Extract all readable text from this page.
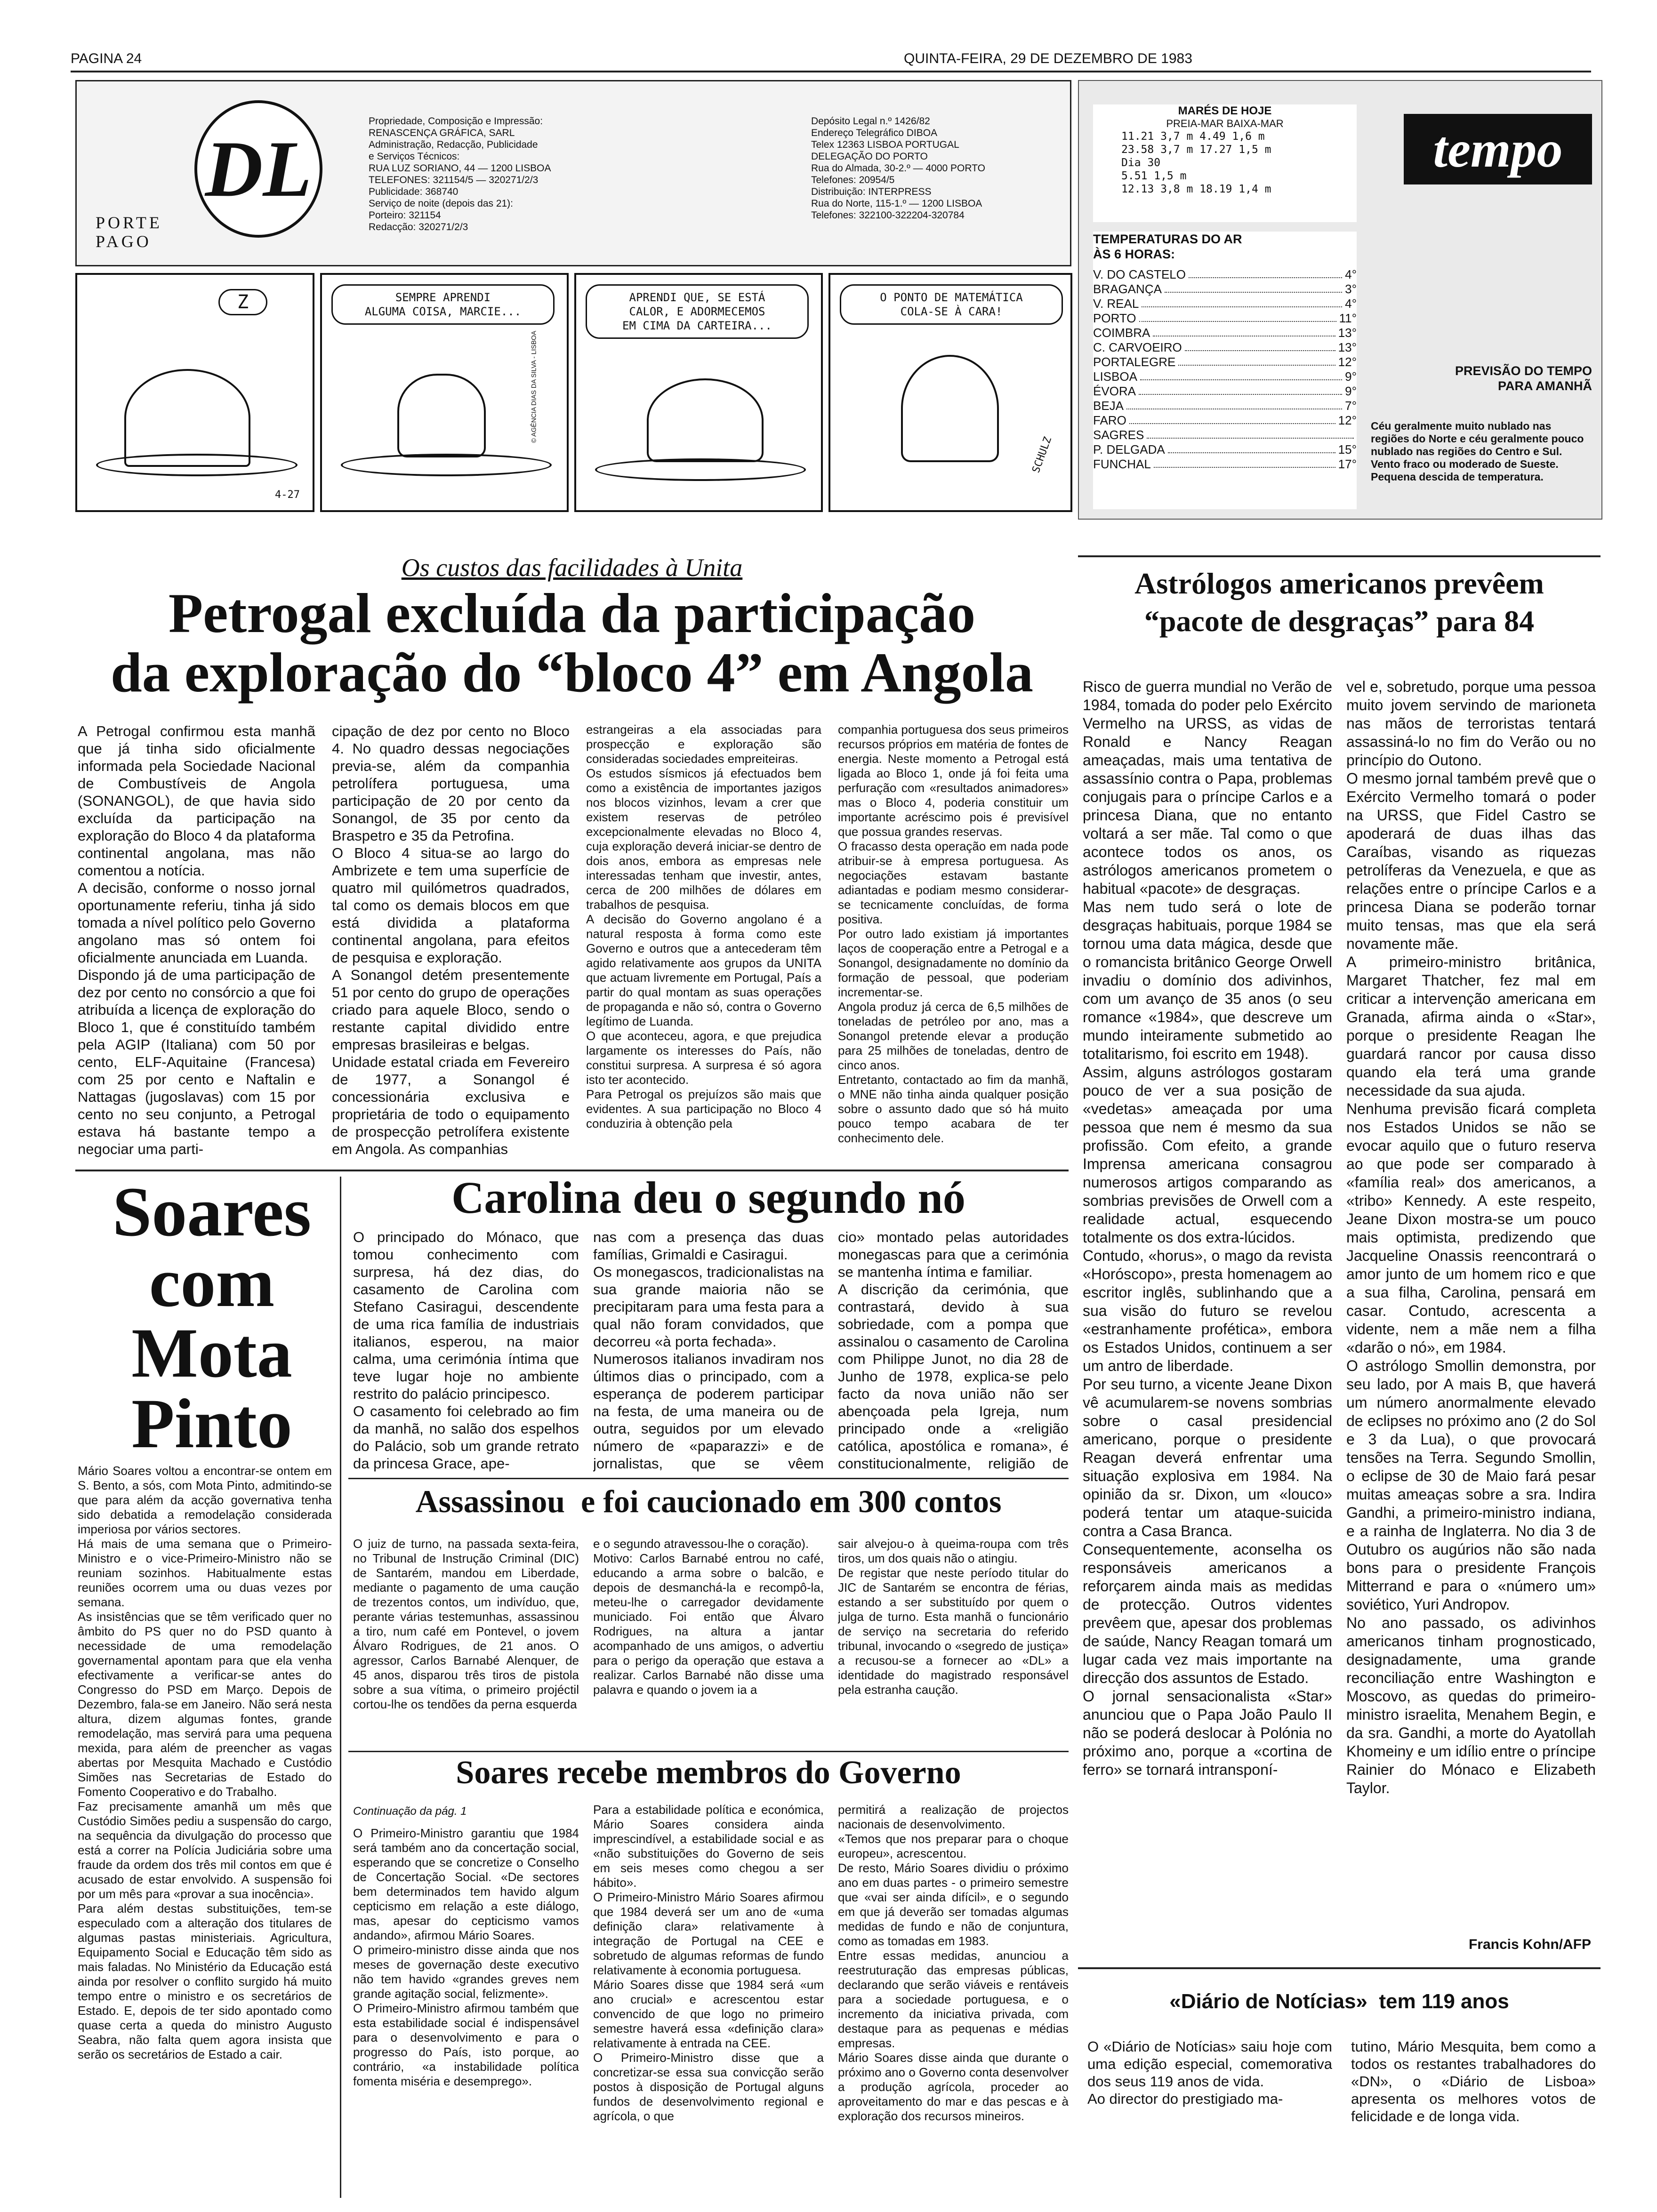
PAGINA 24	QUINTA-FEIRA, 29 DE DEZEMBRO DE 1983
PORTE
PAGO
DL
Propriedade, Composição e Impressão:
RENASCENÇA GRÁFICA, SARL
Administração, Redacção, Publicidade
e Serviços Técnicos:
RUA LUZ SORIANO, 44 — 1200 LISBOA
TELEFONES: 321154/5 — 320271/2/3
Publicidade: 368740
Serviço de noite (depois das 21):
Porteiro: 321154
Redacção: 320271/2/3
Depósito Legal n.º 1426/82
Endereço Telegráfico DIBOA
Telex 12363 LISBOA PORTUGAL
DELEGAÇÃO DO PORTO
Rua do Almada, 30-2.º — 4000 PORTO
Telefones: 20954/5
Distribuição: INTERPRESS
Rua do Norte, 115-1.º — 1200 LISBOA
Telefones: 322100-322204-320784
Z
4-27
SEMPRE APRENDI
ALGUMA COISA, MARCIE...
© AGÊNCIA DIAS DA SILVA - LISBOA
APRENDI QUE, SE ESTÁ
CALOR, E ADORMECEMOS
EM CIMA DA CARTEIRA...
O PONTO DE MATEMÁTICA
COLA-SE À CARA!
SCHULZ
MARÉS DE HOJE
PREIA-MAR BAIXA-MAR
11.21 3,7 m 4.49 1,6 m
23.58 3,7 m 17.27 1,5 m
Dia 30
5.51 1,5 m
12.13 3,8 m 18.19 1,4 m
tempo
TEMPERATURAS DO AR
ÀS 6 HORAS:
V. DO CASTELO	4°
BRAGANÇA	3°
V. REAL	4°
PORTO	11°
COIMBRA	13°
C. CARVOEIRO	13°
PORTALEGRE	12°
LISBOA	9°
ÉVORA	9°
BEJA	7°
FARO	12°
SAGRES
P. DELGADA	15°
FUNCHAL	17°
PREVISÃO DO TEMPO
PARA AMANHÃ
Céu geralmente muito nublado nas regiões do Norte e céu geralmente pouco nublado nas regiões do Centro e Sul. Vento fraco ou moderado de Sueste. Pequena descida de temperatura.
Os custos das facilidades à Unita
Petrogal excluída da participação
da exploração do “bloco 4” em Angola
A Petrogal confirmou esta manhã que já tinha sido oficialmente informada pela Sociedade Nacional de Combustíveis de Angola (SONANGOL), de que havia sido excluída da participação na exploração do Bloco 4 da plataforma continental angolana, mas não comentou a notícia.
A decisão, conforme o nosso jornal oportunamente referiu, tinha já sido tomada a nível político pelo Governo angolano mas só ontem foi oficialmente anunciada em Luanda.
Dispondo já de uma participação de dez por cento no consórcio a que foi atribuída a licença de exploração do Bloco 1, que é constituído também pela AGIP (Italiana) com 50 por cento, ELF-Aquitaine (Francesa) com 25 por cento e Naftalin e Nattagas (jugoslavas) com 15 por cento no seu conjunto, a Petrogal estava há bastante tempo a negociar uma parti-
cipação de dez por cento no Bloco 4. No quadro dessas negociações previa-se, além da companhia petrolífera portuguesa, uma participação de 20 por cento da Sonangol, de 35 por cento da Braspetro e 35 da Petrofina.
O Bloco 4 situa-se ao largo do Ambrizete e tem uma superfície de quatro mil quilómetros quadrados, tal como os demais blocos em que está dividida a plataforma continental angolana, para efeitos de pesquisa e exploração.
A Sonangol detém presentemente 51 por cento do grupo de operações criado para aquele Bloco, sendo o restante capital dividido entre empresas brasileiras e belgas.
Unidade estatal criada em Fevereiro de 1977, a Sonangol é concessionária exclusiva e proprietária de todo o equipamento de prospecção petrolífera existente em Angola. As companhias
estrangeiras a ela associadas para prospecção e exploração são consideradas sociedades empreiteiras.
Os estudos sísmicos já efectuados bem como a existência de importantes jazigos nos blocos vizinhos, levam a crer que existem reservas de petróleo excepcionalmente elevadas no Bloco 4, cuja exploração deverá iniciar-se dentro de dois anos, embora as empresas nele interessadas tenham que investir, antes, cerca de 200 milhões de dólares em trabalhos de pesquisa.
A decisão do Governo angolano é a natural resposta à forma como este Governo e outros que a antecederam têm agido relativamente aos grupos da UNITA que actuam livremente em Portugal, País a partir do qual montam as suas operações de propaganda e não só, contra o Governo legítimo de Luanda.
O que aconteceu, agora, e que prejudica largamente os interesses do País, não constitui surpresa. A surpresa é só agora isto ter acontecido.
Para Petrogal os prejuízos são mais que evidentes. A sua participação no Bloco 4 conduziria à obtenção pela
companhia portuguesa dos seus primeiros recursos próprios em matéria de fontes de energia. Neste momento a Petrogal está ligada ao Bloco 1, onde já foi feita uma perfuração com «resultados animadores» mas o Bloco 4, poderia constituir um importante acréscimo pois é previsível que possua grandes reservas.
O fracasso desta operação em nada pode atribuir-se à empresa portuguesa. As negociações estavam bastante adiantadas e podiam mesmo considerar-se tecnicamente concluídas, de forma positiva.
Por outro lado existiam já importantes laços de cooperação entre a Petrogal e a Sonangol, designadamente no domínio da formação de pessoal, que poderiam incrementar-se.
Angola produz já cerca de 6,5 milhões de toneladas de petróleo por ano, mas a Sonangol pretende elevar a produção para 25 milhões de toneladas, dentro de cinco anos.
Entretanto, contactado ao fim da manhã, o MNE não tinha ainda qualquer posição sobre o assunto dado que só há muito pouco tempo acabara de ter conhecimento dele.
Astrólogos americanos prevêem
“pacote de desgraças” para 84
Risco de guerra mundial no Verão de 1984, tomada do poder pelo Exército Vermelho na URSS, as vidas de Ronald e Nancy Reagan ameaçadas, mais uma tentativa de assassínio contra o Papa, problemas conjugais para o príncipe Carlos e a princesa Diana, que no entanto voltará a ser mãe. Tal como o que acontece todos os anos, os astrólogos americanos prometem o habitual «pacote» de desgraças.
Mas nem tudo será o lote de desgraças habituais, porque 1984 se tornou uma data mágica, desde que o romancista britânico George Orwell invadiu o domínio dos adivinhos, com um avanço de 35 anos (o seu romance «1984», que descreve um mundo inteiramente submetido ao totalitarismo, foi escrito em 1948).
Assim, alguns astrólogos gostaram pouco de ver a sua posição de «vedetas» ameaçada por uma pessoa que nem é mesmo da sua profissão. Com efeito, a grande Imprensa americana consagrou numerosos artigos comparando as sombrias previsões de Orwell com a realidade actual, esquecendo totalmente os dos extra-lúcidos.
Contudo, «horus», o mago da revista «Horóscopo», presta homenagem ao escritor inglês, sublinhando que a sua visão do futuro se revelou «estranhamente profética», embora os Estados Unidos, continuem a ser um antro de liberdade.
Por seu turno, a vicente Jeane Dixon vê acumularem-se novens sombrias sobre o casal presidencial americano, porque o presidente Reagan deverá enfrentar uma situação explosiva em 1984. Na opinião da sr. Dixon, um «louco» poderá tentar um ataque-suicida contra a Casa Branca.
Consequentemente, aconselha os responsáveis americanos a reforçarem ainda mais as medidas de protecção. Outros videntes prevêem que, apesar dos problemas de saúde, Nancy Reagan tomará um lugar cada vez mais importante na direcção dos assuntos de Estado.
O jornal sensacionalista «Star» anunciou que o Papa João Paulo II não se poderá deslocar à Polónia no próximo ano, porque a «cortina de ferro» se tornará intransponí-
vel e, sobretudo, porque uma pessoa muito jovem servindo de marioneta nas mãos de terroristas tentará assassiná-lo no fim do Verão ou no princípio do Outono.
O mesmo jornal também prevê que o Exército Vermelho tomará o poder na URSS, que Fidel Castro se apoderará de duas ilhas das Caraíbas, visando as riquezas petrolíferas da Venezuela, e que as relações entre o príncipe Carlos e a princesa Diana se poderão tornar muito tensas, mas que ela será novamente mãe.
A primeiro-ministro britânica, Margaret Thatcher, fez mal em criticar a intervenção americana em Granada, afirma ainda o «Star», porque o presidente Reagan lhe guardará rancor por causa disso quando ela terá uma grande necessidade da sua ajuda.
Nenhuma previsão ficará completa nos Estados Unidos se não se evocar aquilo que o futuro reserva ao que pode ser comparado à «família real» dos americanos, a «tribo» Kennedy. A este respeito, Jeane Dixon mostra-se um pouco mais optimista, predizendo que Jacqueline Onassis reencontrará o amor junto de um homem rico e que a sua filha, Carolina, pensará em casar. Contudo, acrescenta a vidente, nem a mãe nem a filha «darão o nó», em 1984.
O astrólogo Smollin demonstra, por seu lado, por A mais B, que haverá um número anormalmente elevado de eclipses no próximo ano (2 do Sol e 3 da Lua), o que provocará tensões na Terra. Segundo Smollin, o eclipse de 30 de Maio fará pesar muitas ameaças sobre a sra. Indira Gandhi, a primeiro-ministro indiana, e a rainha de Inglaterra. No dia 3 de Outubro os augúrios não são nada bons para o presidente François Mitterrand e para o «número um» soviético, Yuri Andropov.
No ano passado, os adivinhos americanos tinham prognosticado, designadamente, uma grande reconciliação entre Washington e Moscovo, as quedas do primeiro-ministro israelita, Menahem Begin, e da sra. Gandhi, a morte do Ayatollah Khomeiny e um idílio entre o príncipe Rainier do Mónaco e Elizabeth Taylor.
Francis Kohn/AFP
Soares
com
Mota
Pinto
Mário Soares voltou a encontrar-se ontem em S. Bento, a sós, com Mota Pinto, admitindo-se que para além da acção governativa tenha sido debatida a remodelação considerada imperiosa por vários sectores.
Há mais de uma semana que o Primeiro-Ministro e o vice-Primeiro-Ministro não se reuniam sozinhos. Habitualmente estas reuniões ocorrem uma ou duas vezes por semana.
As insistências que se têm verificado quer no âmbito do PS quer no do PSD quanto à necessidade de uma remodelação governamental apontam para que ela venha efectivamente a verificar-se antes do Congresso do PSD em Março. Depois de Dezembro, fala-se em Janeiro. Não será nesta altura, dizem algumas fontes, grande remodelação, mas servirá para uma pequena mexida, para além de preencher as vagas abertas por Mesquita Machado e Custódio Simões nas Secretarias de Estado do Fomento Cooperativo e do Trabalho.
Faz precisamente amanhã um mês que Custódio Simões pediu a suspensão do cargo, na sequência da divulgação do processo que está a correr na Polícia Judiciária sobre uma fraude da ordem dos três mil contos em que é acusado de estar envolvido. A suspensão foi por um mês para «provar a sua inocência».
Para além destas substituições, tem-se especulado com a alteração dos titulares de algumas pastas ministeriais. Agricultura, Equipamento Social e Educação têm sido as mais faladas. No Ministério da Educação está ainda por resolver o conflito surgido há muito tempo entre o ministro e os secretários de Estado. E, depois de ter sido apontado como quase certa a queda do ministro Augusto Seabra, não falta quem agora insista que serão os secretários de Estado a cair.
Carolina deu o segundo nó
O principado do Mónaco, que tomou conhecimento com surpresa, há dez dias, do casamento de Carolina com Stefano Casiragui, descendente de uma rica família de industriais italianos, esperou, na maior calma, uma cerimónia íntima que teve lugar hoje no ambiente restrito do palácio principesco.
O casamento foi celebrado ao fim da manhã, no salão dos espelhos do Palácio, sob um grande retrato da princesa Grace, ape-
nas com a presença das duas famílias, Grimaldi e Casiragui.
Os monegascos, tradicionalistas na sua grande maioria não se precipitaram para uma festa para a qual não foram convidados, que decorreu «à porta fechada».
Numerosos italianos invadiram nos últimos dias o principado, com a esperança de poderem participar na festa, de uma maneira ou de outra, seguidos por um elevado número de «paparazzi» e de jornalistas, que se vêem
cio» montado pelas autoridades monegascas para que a cerimónia se mantenha íntima e familiar.
A discrição da cerimónia, que contrastará, devido à sua sobriedade, com a pompa que assinalou o casamento de Carolina com Philippe Junot, no dia 28 de Junho de 1978, explica-se pelo facto da nova união não ser abençoada pela Igreja, num principado onde a «religião católica, apostólica e romana», é constitucionalmente, religião de
Assassinou  e foi caucionado em 300 contos
O juiz de turno, na passada sexta-feira, no Tribunal de Instrução Criminal (DIC) de Santarém, mandou em Liberdade, mediante o pagamento de uma caução de trezentos contos, um indivíduo, que, perante várias testemunhas, assassinou a tiro, num café em Pontevel, o jovem Álvaro Rodrigues, de 21 anos. O agressor, Carlos Barnabé Alenquer, de 45 anos, disparou três tiros de pistola sobre a sua vítima, o primeiro projéctil cortou-lhe os tendões da perna esquerda
e o segundo atravessou-lhe o coração).
Motivo: Carlos Barnabé entrou no café, educando a arma sobre o balcão, e depois de desmanchá-la e recompô-la, meteu-lhe o carregador devidamente municiado. Foi então que Álvaro Rodrigues, na altura a jantar acompanhado de uns amigos, o advertiu para o perigo da operação que estava a realizar. Carlos Barnabé não disse uma palavra e quando o jovem ia a
sair alvejou-o à queima-roupa com três tiros, um dos quais não o atingiu.
De registar que neste período titular do JIC de Santarém se encontra de férias, estando a ser substituído por quem o julga de turno. Esta manhã o funcionário de serviço na secretaria do referido tribunal, invocando o «segredo de justiça» a recusou-se a fornecer ao «DL» a identidade do magistrado responsável pela estranha caução.
Soares recebe membros do Governo
Continuação da pág. 1
O Primeiro-Ministro garantiu que 1984 será também ano da concertação social, esperando que se concretize o Conselho de Concertação Social. «De sectores bem determinados tem havido algum cepticismo em relação a este diálogo, mas, apesar do cepticismo vamos andando», afirmou Mário Soares.
O primeiro-ministro disse ainda que nos meses de governação deste executivo não tem havido «grandes greves nem grande agitação social, felizmente».
O Primeiro-Ministro afirmou também que esta estabilidade social é indispensável para o desenvolvimento e para o progresso do País, isto porque, ao contrário, «a instabilidade política fomenta miséria e desemprego».
Para a estabilidade política e económica, Mário Soares considera ainda imprescindível, a estabilidade social e as «não substituições do Governo de seis em seis meses como chegou a ser hábito».
O Primeiro-Ministro Mário Soares afirmou que 1984 deverá ser um ano de «uma definição clara» relativamente à integração de Portugal na CEE e sobretudo de algumas reformas de fundo relativamente à economia portuguesa.
Mário Soares disse que 1984 será «um ano crucial» e acrescentou estar convencido de que logo no primeiro semestre haverá essa «definição clara» relativamente à entrada na CEE.
O Primeiro-Ministro disse que a concretizar-se essa sua convicção serão postos à disposição de Portugal alguns fundos de desenvolvimento regional e agrícola, o que
permitirá a realização de projectos nacionais de desenvolvimento.
«Temos que nos preparar para o choque europeu», acrescentou.
De resto, Mário Soares dividiu o próximo ano em duas partes - o primeiro semestre que «vai ser ainda difícil», e o segundo em que já deverão ser tomadas algumas medidas de fundo e não de conjuntura, como as tomadas em 1983.
Entre essas medidas, anunciou a reestruturação das empresas públicas, declarando que serão viáveis e rentáveis para a sociedade portuguesa, e o incremento da iniciativa privada, com destaque para as pequenas e médias empresas.
Mário Soares disse ainda que durante o próximo ano o Governo conta desenvolver a produção agrícola, proceder ao aproveitamento do mar e das pescas e à exploração dos recursos mineiros.
«Diário de Notícias»  tem 119 anos
O «Diário de Notícias» saiu hoje com uma edição especial, comemorativa dos seus 119 anos de vida.
Ao director do prestigiado ma-
tutino, Mário Mesquita, bem como a todos os restantes trabalhadores do «DN», o «Diário de Lisboa» apresenta os melhores votos de felicidade e de longa vida.
